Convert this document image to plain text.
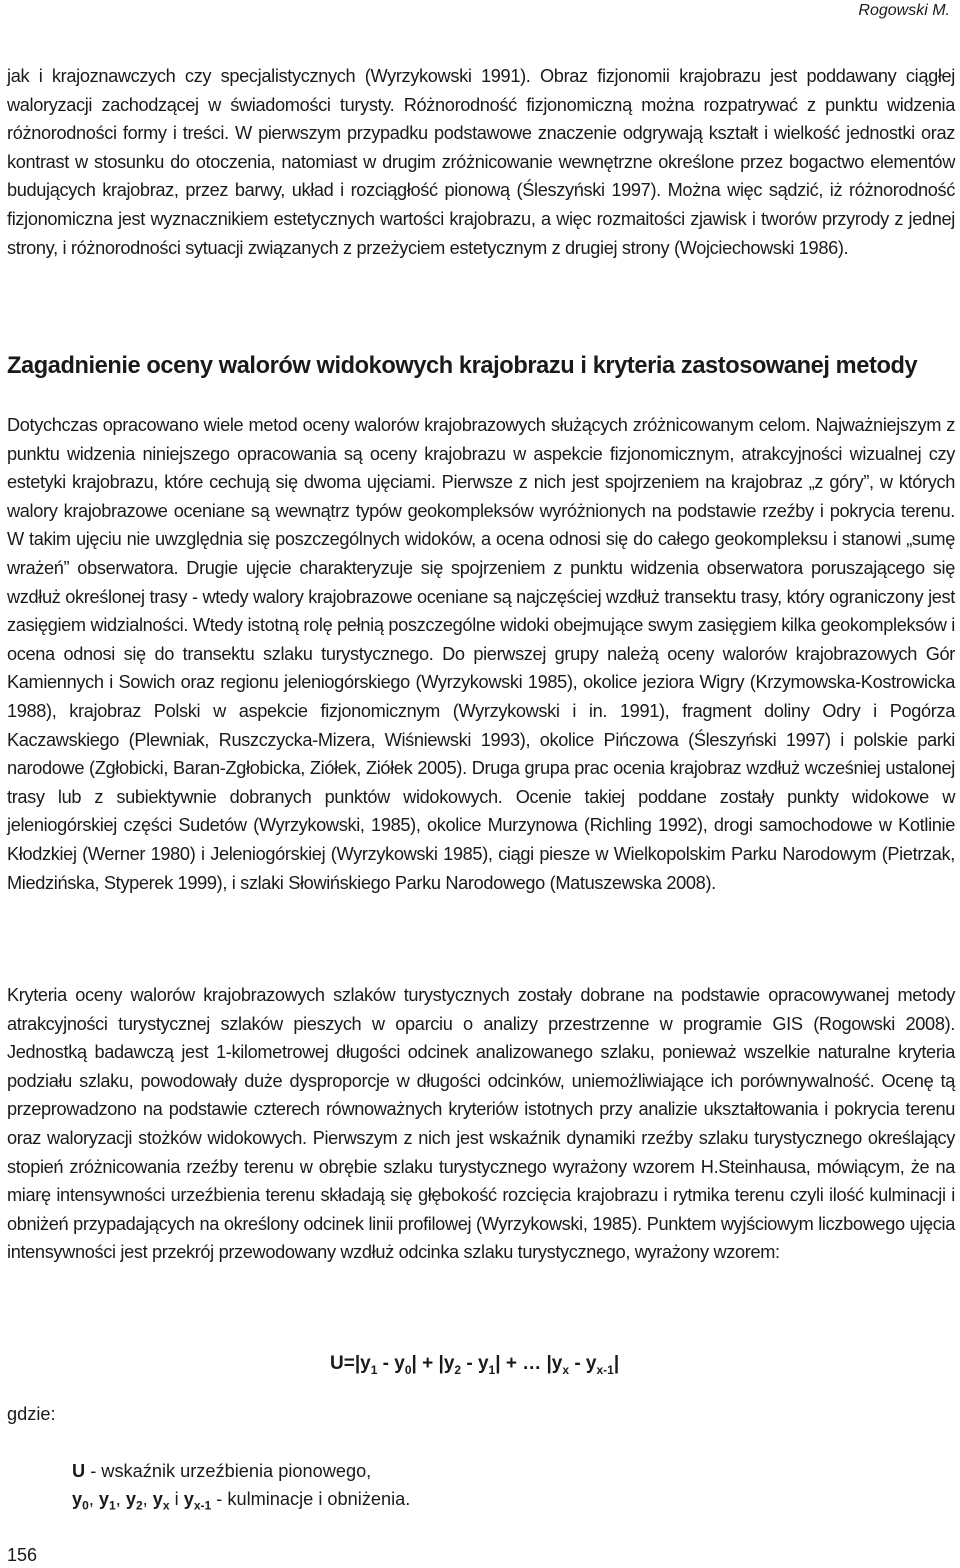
Rogowski M.

jak i krajoznawczych czy specjalistycznych (Wyrzykowski 1991). Obraz fizjonomii krajobrazu jest poddawany ciągłej waloryzacji zachodzącej w świadomości turysty. Różnorodność fizjonomiczną można rozpatrywać z punktu widzenia różnorodności formy i treści. W pierwszym przypadku podstawowe znaczenie odgrywają kształt i wielkość jednostki oraz kontrast w stosunku do otoczenia, natomiast w drugim zróżnicowanie wewnętrzne określone przez bogactwo elementów budujących krajobraz, przez barwy, układ i rozciągłość pionową (Śleszyński 1997). Można więc sądzić, iż różnorodność fizjonomiczna jest wyznacznikiem estetycznych wartości krajobrazu, a więc rozmaitości zjawisk i tworów przyrody z jednej strony, i różnorodności sytuacji związanych z przeżyciem estetycznym z drugiej strony (Wojciechowski 1986).

Zagadnienie oceny walorów widokowych krajobrazu i kryteria zastosowanej metody

Dotychczas opracowano wiele metod oceny walorów krajobrazowych służących zróżnicowanym celom. Najważniejszym z punktu widzenia niniejszego opracowania są oceny krajobrazu w aspekcie fizjonomicznym, atrakcyjności wizualnej czy estetyki krajobrazu, które cechują się dwoma ujęciami. Pierwsze z nich jest spojrzeniem na krajobraz „z góry”, w których walory krajobrazowe oceniane są wewnątrz typów geokompleksów wyróżnionych na podstawie rzeźby i pokrycia terenu. W takim ujęciu nie uwzględnia się poszczególnych widoków, a ocena odnosi się do całego geokompleksu i stanowi „sumę wrażeń” obserwatora. Drugie ujęcie charakteryzuje się spojrzeniem z punktu widzenia obserwatora poruszającego się wzdłuż określonej trasy - wtedy walory krajobrazowe oceniane są najczęściej wzdłuż transektu trasy, który ograniczony jest zasięgiem widzialności. Wtedy istotną rolę pełnią poszczególne widoki obejmujące swym zasięgiem kilka geokompleksów i ocena odnosi się do transektu szlaku turystycznego. Do pierwszej grupy należą oceny walorów krajobrazowych Gór Kamiennych i Sowich oraz regionu jeleniogórskiego (Wyrzykowski 1985), okolice jeziora Wigry (Krzymowska-Kostrowicka 1988), krajobraz Polski w aspekcie fizjonomicznym (Wyrzykowski i in. 1991), fragment doliny Odry i Pogórza Kaczawskiego (Plewniak, Ruszczycka-Mizera, Wiśniewski 1993), okolice Pińczowa (Śleszyński 1997) i polskie parki narodowe (Zgłobicki, Baran-Zgłobicka, Ziółek, Ziółek 2005). Druga grupa prac ocenia krajobraz wzdłuż wcześniej ustalonej trasy lub z subiektywnie dobranych punktów widokowych. Ocenie takiej poddane zostały punkty widokowe w jeleniogórskiej części Sudetów (Wyrzykowski, 1985), okolice Murzynowa (Richling 1992), drogi samochodowe w Kotlinie Kłodzkiej (Werner 1980) i Jeleniogórskiej (Wyrzykowski 1985), ciągi piesze w Wielkopolskim Parku Narodowym (Pietrzak, Miedzińska, Styperek 1999), i szlaki Słowińskiego Parku Narodowego (Matuszewska 2008).

Kryteria oceny walorów krajobrazowych szlaków turystycznych zostały dobrane na podstawie opracowywanej metody atrakcyjności turystycznej szlaków pieszych w oparciu o analizy przestrzenne w programie GIS (Rogowski 2008). Jednostką badawczą jest 1-kilometrowej długości odcinek analizowanego szlaku, ponieważ wszelkie naturalne kryteria podziału szlaku, powodowały duże dysproporcje w długości odcinków, uniemożliwiające ich porównywalność. Ocenę tą przeprowadzono na podstawie czterech równoważnych kryteriów istotnych przy analizie ukształtowania i pokrycia terenu oraz waloryzacji stożków widokowych. Pierwszym z nich jest wskaźnik dynamiki rzeźby szlaku turystycznego określający stopień zróżnicowania rzeźby terenu w obrębie szlaku turystycznego wyrażony wzorem H.Steinhausa, mówiącym, że na miarę intensywności urzeźbienia terenu składają się głębokość rozcięcia krajobrazu i rytmika terenu czyli ilość kulminacji i obniżeń przypadających na określony odcinek linii profilowej (Wyrzykowski, 1985). Punktem wyjściowym liczbowego ujęcia intensywności jest przekrój przewodowany wzdłuż odcinka szlaku turystycznego, wyrażony wzorem:

$U=|y_1 - y_0| + |y_2 - y_1|$ + … $|y_x - y_{x-1}|$
gdzie:
U - wskaźnik urzeźbienia pionowego,
$y_0$, $y_1$, $y_2$, $y_x$ i $y_{x-1}$ - kulminacje i obniżenia.
156
